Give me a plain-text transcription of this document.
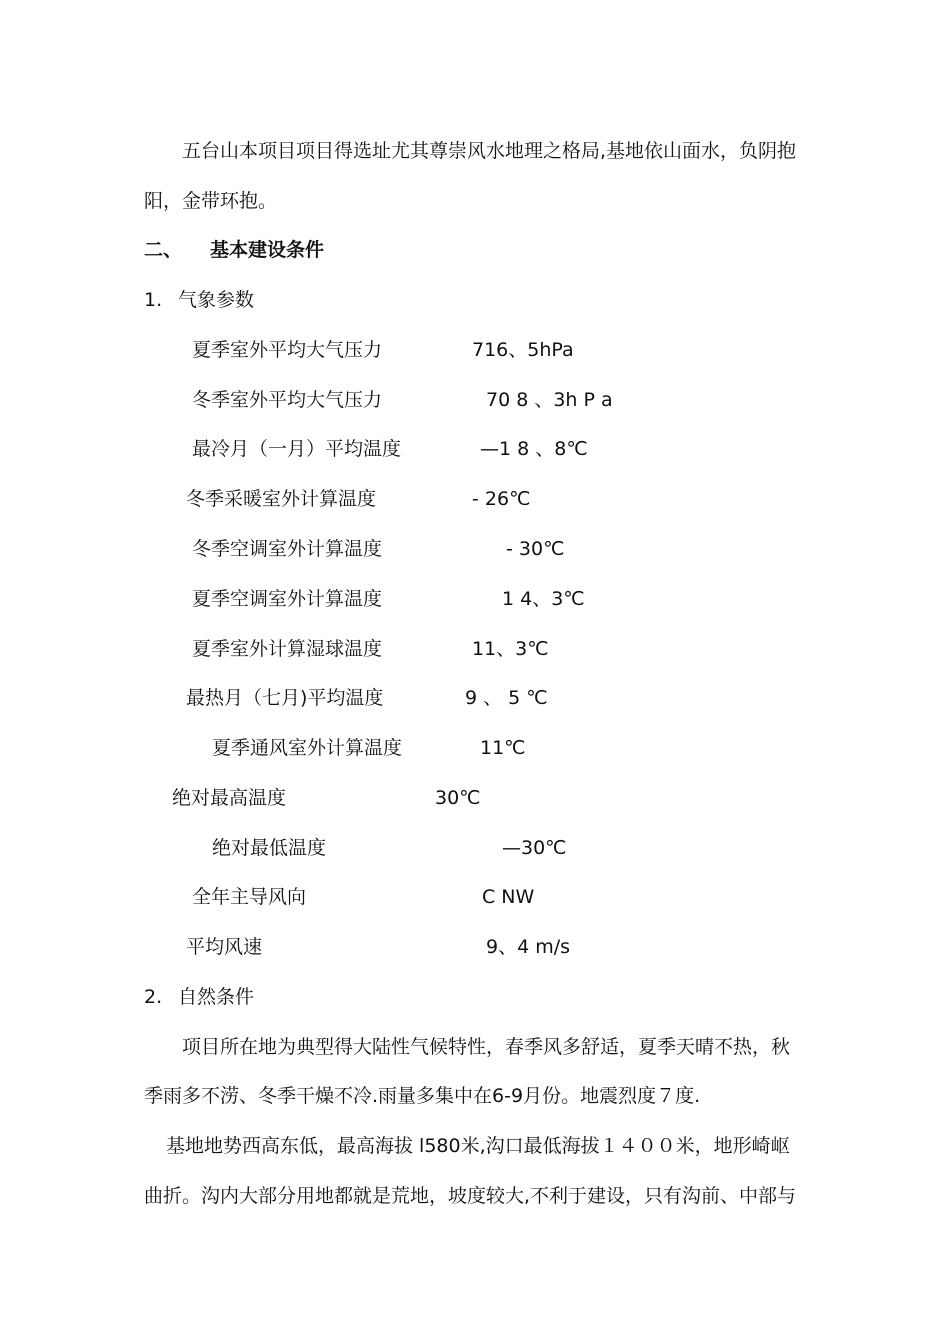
五台山本项目项目得选址尤其尊崇风水地理之格局,基地依山面水，负阴抱
阳，金带环抱。
二、 基本建设条件
1. 气象参数
夏季室外平均大气压力	716、5hPa
冬季室外平均大气压力	70 8 、3h P a
最冷月（一月）平均温度	—1 8 、8℃
冬季采暖室外计算温度	- 26℃
冬季空调室外计算温度	- 30℃
夏季空调室外计算温度	1 4、3℃
夏季室外计算湿球温度	11、3℃
最热月（七月)平均温度	9 、 5 ℃
夏季通风室外计算温度	11℃
绝对最高温度	30℃
绝对最低温度	—30℃
全年主导风向	C NW
平均风速	9、4 m/s
2. 自然条件
项目所在地为典型得大陆性气候特性，春季风多舒适，夏季天晴不热，秋
季雨多不涝、冬季干燥不冷.雨量多集中在6-9月份。地震烈度７度.
基地地势西高东低，最高海拔 l580米,沟口最低海拔１４００米，地形崎岖
曲折。沟内大部分用地都就是荒地，坡度较大,不利于建设，只有沟前、中部与
